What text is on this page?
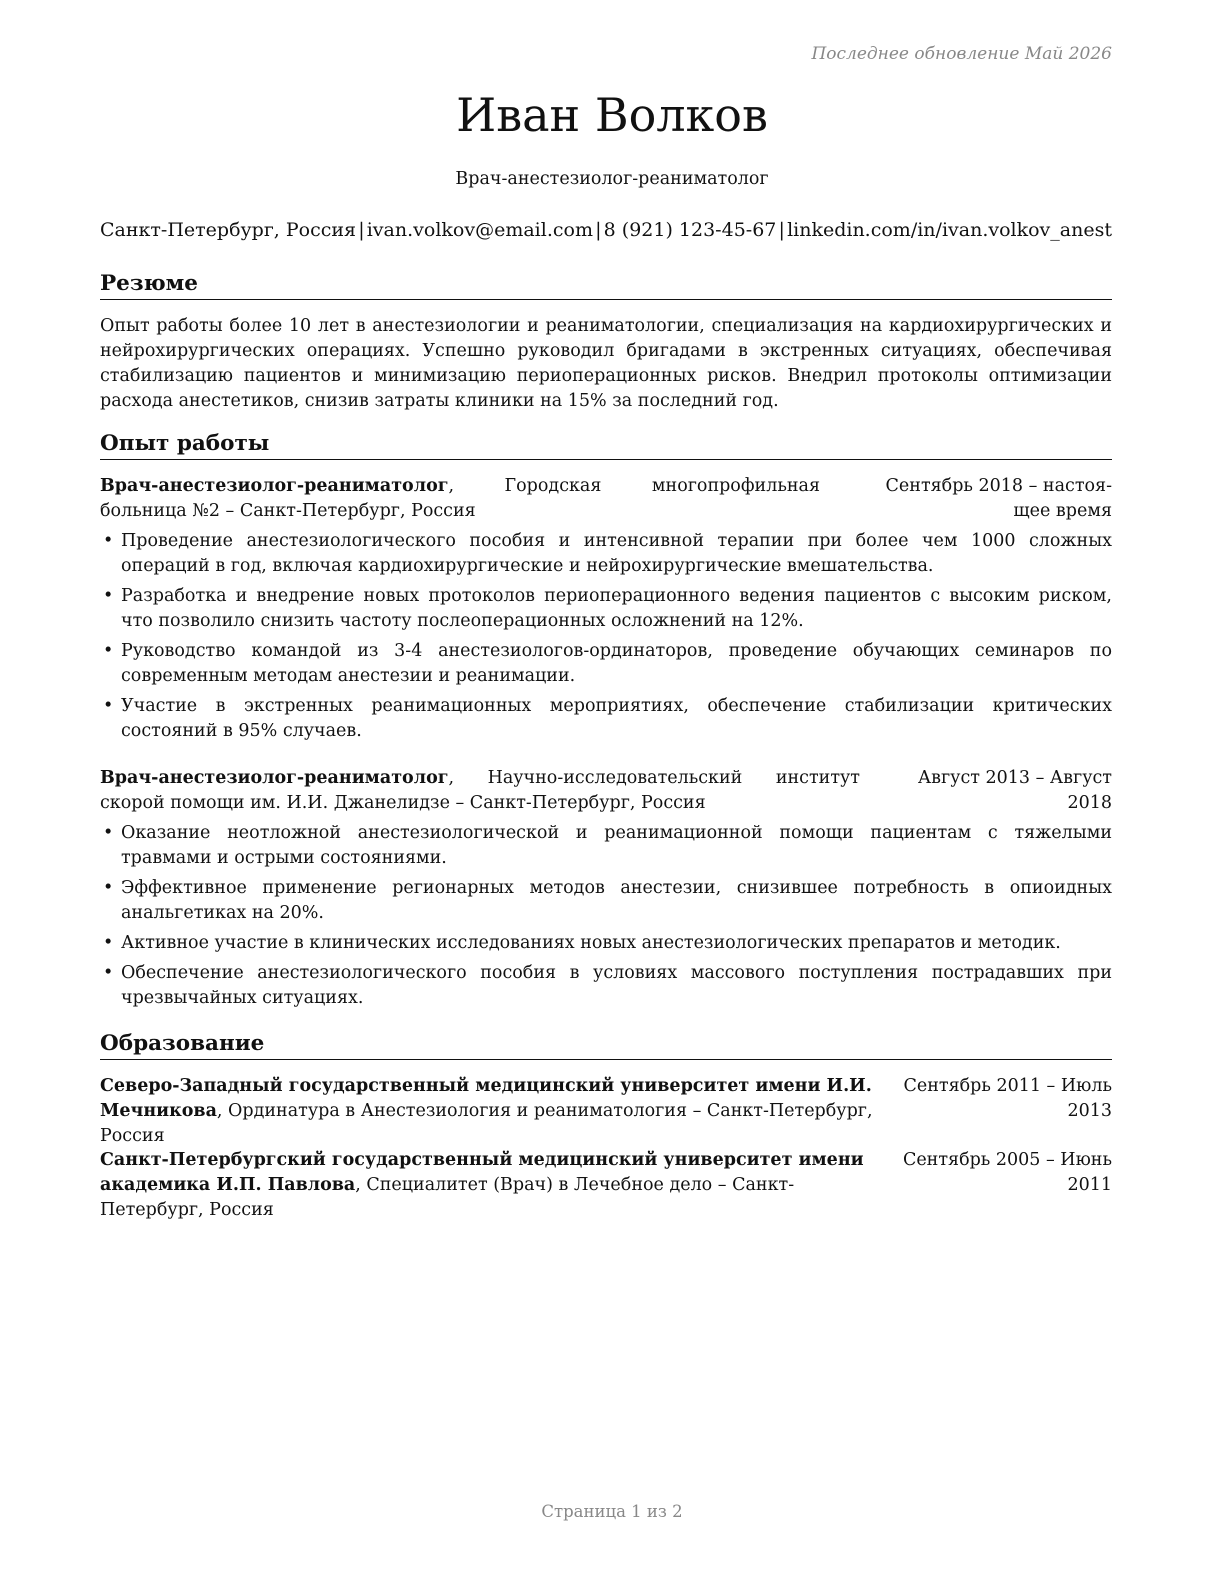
Последнее обновление Май 2026
Иван Волков
Врач-анестезиолог-реаниматолог
Санкт-Петербург, Россия | ivan.volkov@email.com | 8 (921) 123-45-67 | linkedin.com/in/ivan.volkov_anest
Резюме
Опыт работы более 10 лет в анестезиологии и реаниматологии, специализация на кардиохирургических и нейрохирургических операциях. Успешно руководил бригадами в экстренных ситуациях, обеспечивая стабилизацию пациентов и минимизацию периоперационных рисков. Внедрил протоколы оптимизации расхода анестетиков, снизив затраты клиники на 15% за последний год.
Опыт работы
Врач-анестезиолог-реаниматолог, Городская многопрофильная больница №2 – Санкт-Петербург, Россия
Сентябрь 2018 – настоя-
щее время
• Проведение анестезиологического пособия и интенсивной терапии при более чем 1000 сложных операций в год, включая кардиохирургические и нейрохирургические вмешательства.
• Разработка и внедрение новых протоколов периоперационного ведения пациентов с высоким риском, что позволило снизить частоту послеоперационных осложнений на 12%.
• Руководство командой из 3-4 анестезиологов-ординаторов, проведение обучающих семинаров по современным методам анестезии и реанимации.
• Участие в экстренных реанимационных мероприятиях, обеспечение стабилизации критических состояний в 95% случаев.
Врач-анестезиолог-реаниматолог, Научно-исследовательский институт скорой помощи им. И.И. Джанелидзе – Санкт-Петербург, Россия
Август 2013 – Август 2018
• Оказание неотложной анестезиологической и реанимационной помощи пациентам с тяжелыми травмами и острыми состояниями.
• Эффективное применение регионарных методов анестезии, снизившее потребность в опиоидных анальгетиках на 20%.
• Активное участие в клинических исследованиях новых анестезиологических препаратов и методик.
• Обеспечение анестезиологического пособия в условиях массового поступления пострадавших при чрезвычайных ситуациях.
Образование
Северо-Западный государственный медицинский университет имени И.И. Мечникова, Ординатура в Анестезиология и реаниматология – Санкт-Петербург, Россия
Сентябрь 2011 – Июль
2013
Санкт-Петербургский государственный медицинский университет имени академика И.П. Павлова, Специалитет (Врач) в Лечебное дело – Санкт-Петербург, Россия
Сентябрь 2005 – Июнь
2011
Страница 1 из 2
